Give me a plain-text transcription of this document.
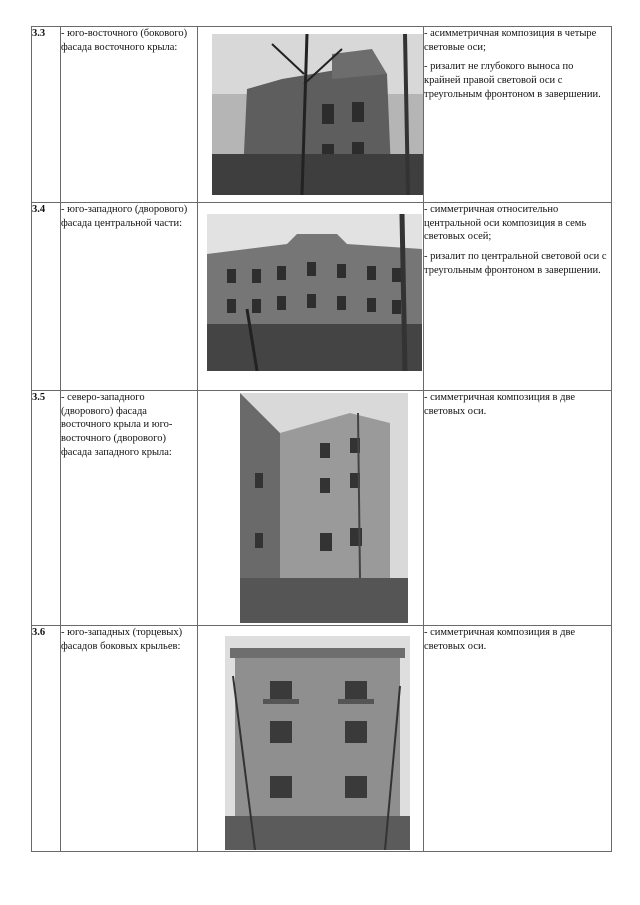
3.3	- юго-восточного (бокового) фасада восточного крыла:		- асимметричная композиция в четыре световые оси;

- ризалит не глубокого выноса по крайней правой световой оси с треугольным фронтоном в завершении.

3.4	- юго-западного (дворового) фасада центральной части:		- симметричная относительно центральной оси композиция в семь световых осей;

- ризалит по центральной световой оси с треугольным фронтоном в завершении.

3.5	- северо-западного (дворового) фасада восточного крыла и юго-восточного (дворового) фасада западного крыла:		- симметричная композиция в две световых оси.

3.6	- юго-западных (торцевых) фасадов боковых крыльев:		- симметричная композиция в две световых оси.
